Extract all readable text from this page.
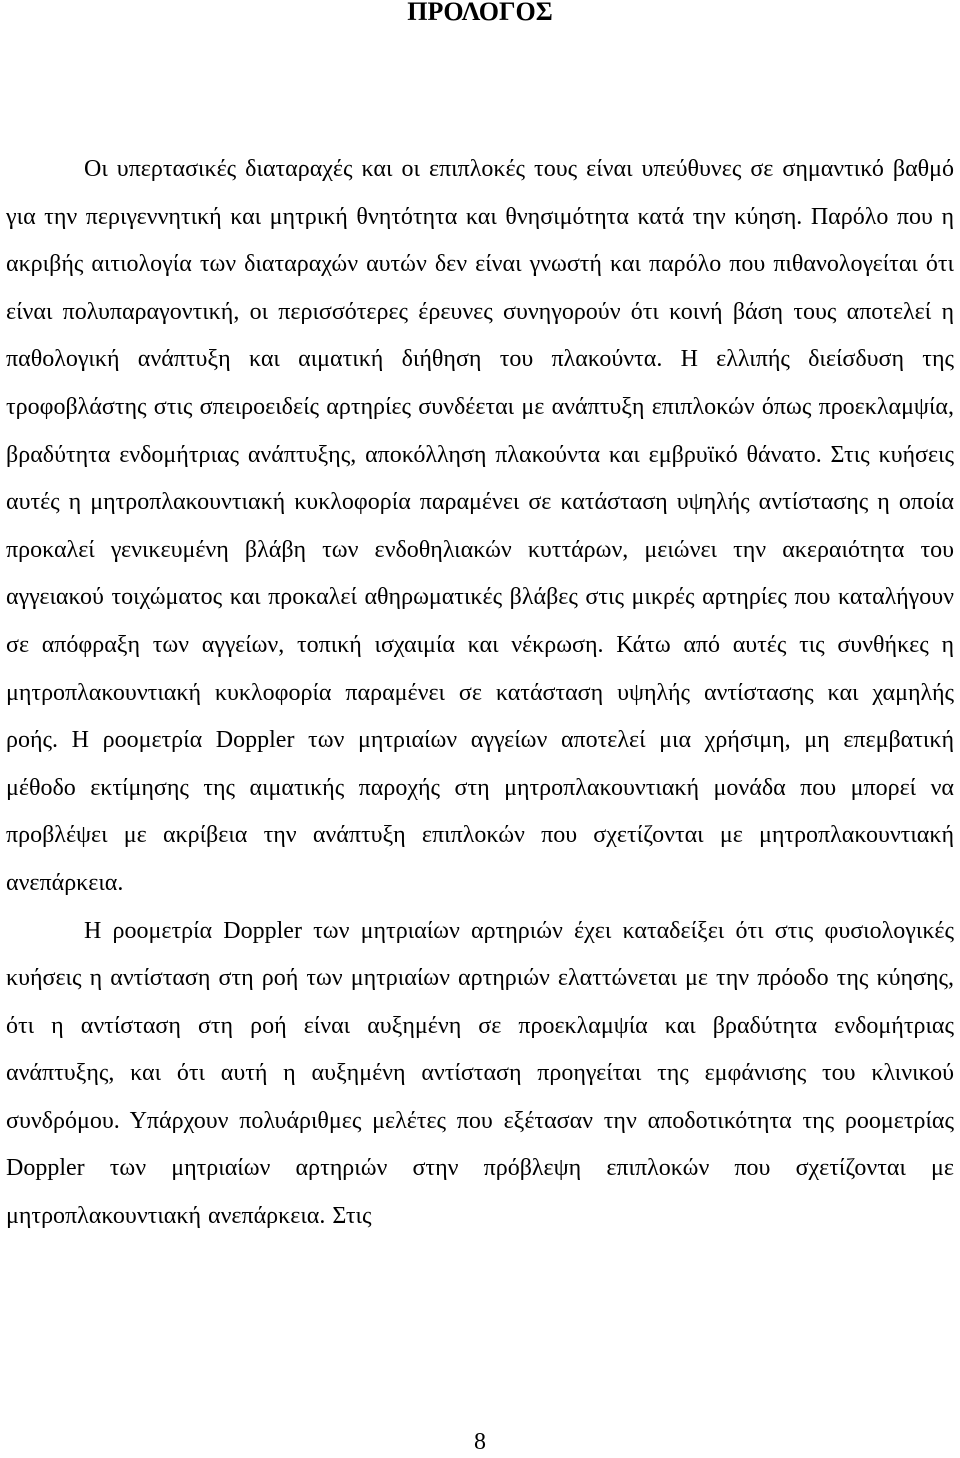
ΠΡΟΛΟΓΟΣ

Οι υπερτασικές διαταραχές και οι επιπλοκές τους είναι υπεύθυνες σε σημαντικό βαθμό για την περιγεννητική και μητρική θνητότητα και θνησιμότητα κατά την κύηση. Παρόλο που η ακριβής αιτιολογία των διαταραχών αυτών δεν είναι γνωστή και παρόλο που πιθανολογείται ότι είναι πολυπαραγοντική, οι περισσότερες έρευνες συνηγορούν ότι κοινή βάση τους αποτελεί η παθολογική ανάπτυξη και αιματική διήθηση του πλακούντα. Η ελλιπής διείσδυση της τροφοβλάστης στις σπειροειδείς αρτηρίες συνδέεται με ανάπτυξη επιπλοκών όπως προεκλαμψία, βραδύτητα ενδομήτριας ανάπτυξης, αποκόλληση πλακούντα και εμβρυϊκό θάνατο. Στις κυήσεις αυτές η μητροπλακουντιακή κυκλοφορία παραμένει σε κατάσταση υψηλής αντίστασης η οποία προκαλεί γενικευμένη βλάβη των ενδοθηλιακών κυττάρων, μειώνει την ακεραιότητα του αγγειακού τοιχώματος και προκαλεί αθηρωματικές βλάβες στις μικρές αρτηρίες που καταλήγουν σε απόφραξη των αγγείων, τοπική ισχαιμία και νέκρωση. Κάτω από αυτές τις συνθήκες η μητροπλακουντιακή κυκλοφορία παραμένει σε κατάσταση υψηλής αντίστασης και χαμηλής ροής. Η ροομετρία Doppler των μητριαίων αγγείων αποτελεί μια χρήσιμη, μη επεμβατική μέθοδο εκτίμησης της αιματικής παροχής στη μητροπλακουντιακή μονάδα που μπορεί να προβλέψει με ακρίβεια την ανάπτυξη επιπλοκών που σχετίζονται με μητροπλακουντιακή ανεπάρκεια.

Η ροομετρία Doppler των μητριαίων αρτηριών έχει καταδείξει ότι στις φυσιολογικές κυήσεις η αντίσταση στη ροή των μητριαίων αρτηριών ελαττώνεται με την πρόοδο της κύησης, ότι η αντίσταση στη ροή είναι αυξημένη σε προεκλαμψία και βραδύτητα ενδομήτριας ανάπτυξης, και ότι αυτή η αυξημένη αντίσταση προηγείται της εμφάνισης του κλινικού συνδρόμου. Υπάρχουν πολυάριθμες μελέτες που εξέτασαν την αποδοτικότητα της ροομετρίας Doppler των μητριαίων αρτηριών στην πρόβλεψη επιπλοκών που σχετίζονται με μητροπλακουντιακή ανεπάρκεια. Στις

8
